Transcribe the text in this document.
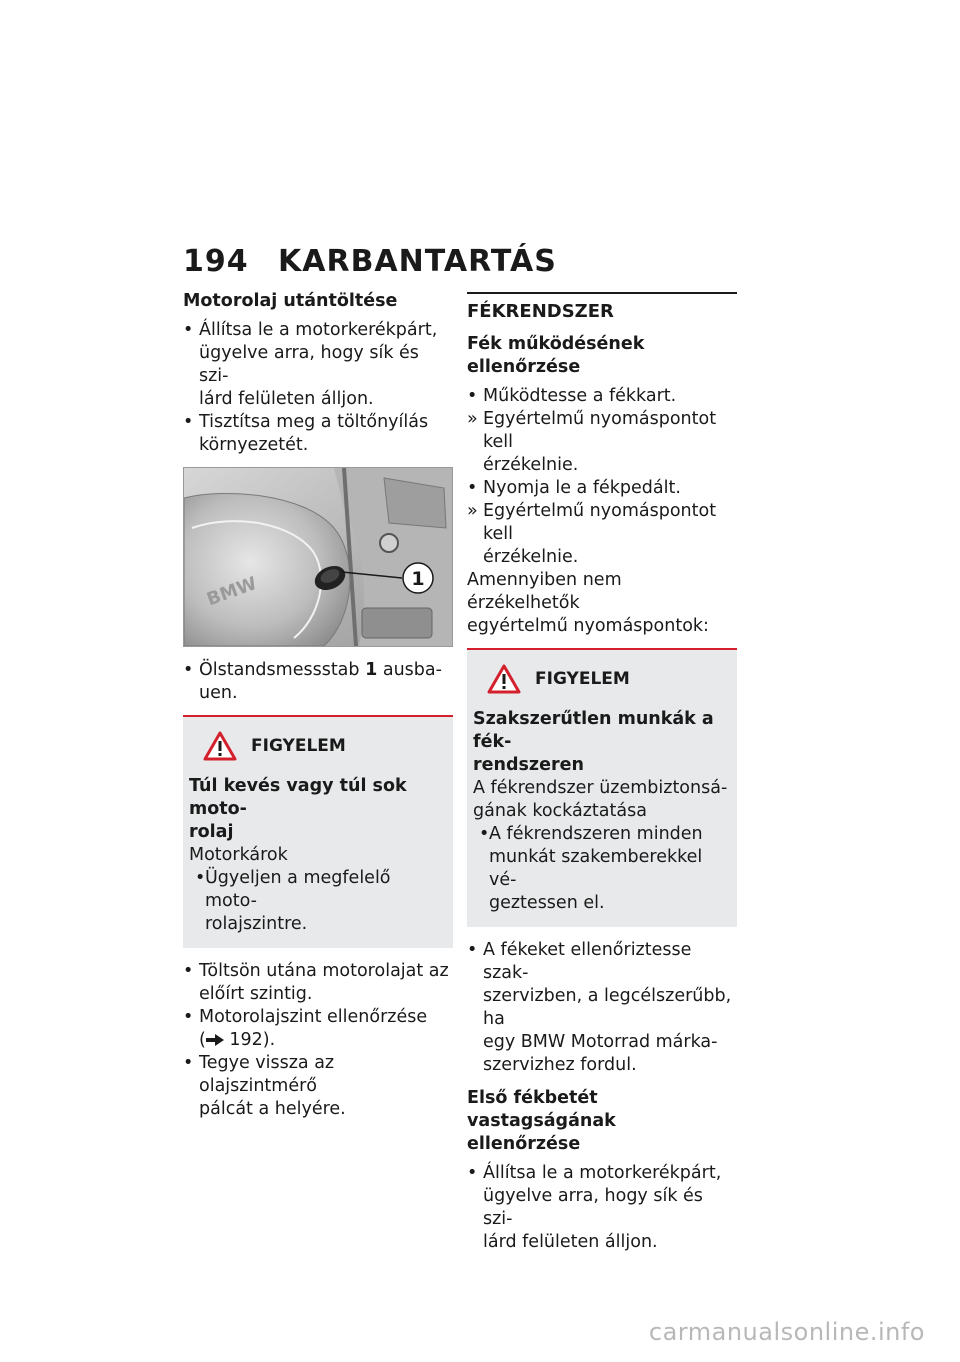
194 KARBANTARTÁS

Motorolaj utántöltése

• Állítsa le a motorkerékpárt,

ügyelve arra, hogy sík és szi-

lárd felületen álljon.

• Tisztítsa meg a töltőnyílás

környezetét.

BMW	1
• Ölstandsmessstab 1 ausba-

uen.

FIGYELEM

Túl kevés vagy túl sok moto-

rolaj

Motorkárok

• Ügyeljen a megfelelő moto-

rolajszintre.

• Töltsön utána motorolajat az

előírt szintig.

• Motorolajszint ellenőrzése

( 192).

• Tegye vissza az olajszintmérő

pálcát a helyére.

FÉKRENDSZER

Fék működésének ellenőrzése

• Működtesse a fékkart.

» Egyértelmű nyomáspontot kell

érzékelnie.

• Nyomja le a fékpedált.

» Egyértelmű nyomáspontot kell

érzékelnie.

Amennyiben nem érzékelhetők

egyértelmű nyomáspontok:

FIGYELEM

Szakszerűtlen munkák a fék-

rendszeren

A fékrendszer üzembiztonsá-

gának kockáztatása

• A fékrendszeren minden

munkát szakemberekkel vé-

geztessen el.

• A fékeket ellenőriztesse szak-

szervizben, a legcélszerűbb, ha

egy BMW Motorrad márka-

szervizhez fordul.

Első fékbetét vastagságának

ellenőrzése

• Állítsa le a motorkerékpárt,

ügyelve arra, hogy sík és szi-

lárd felületen álljon.

carmanualsonline.info
